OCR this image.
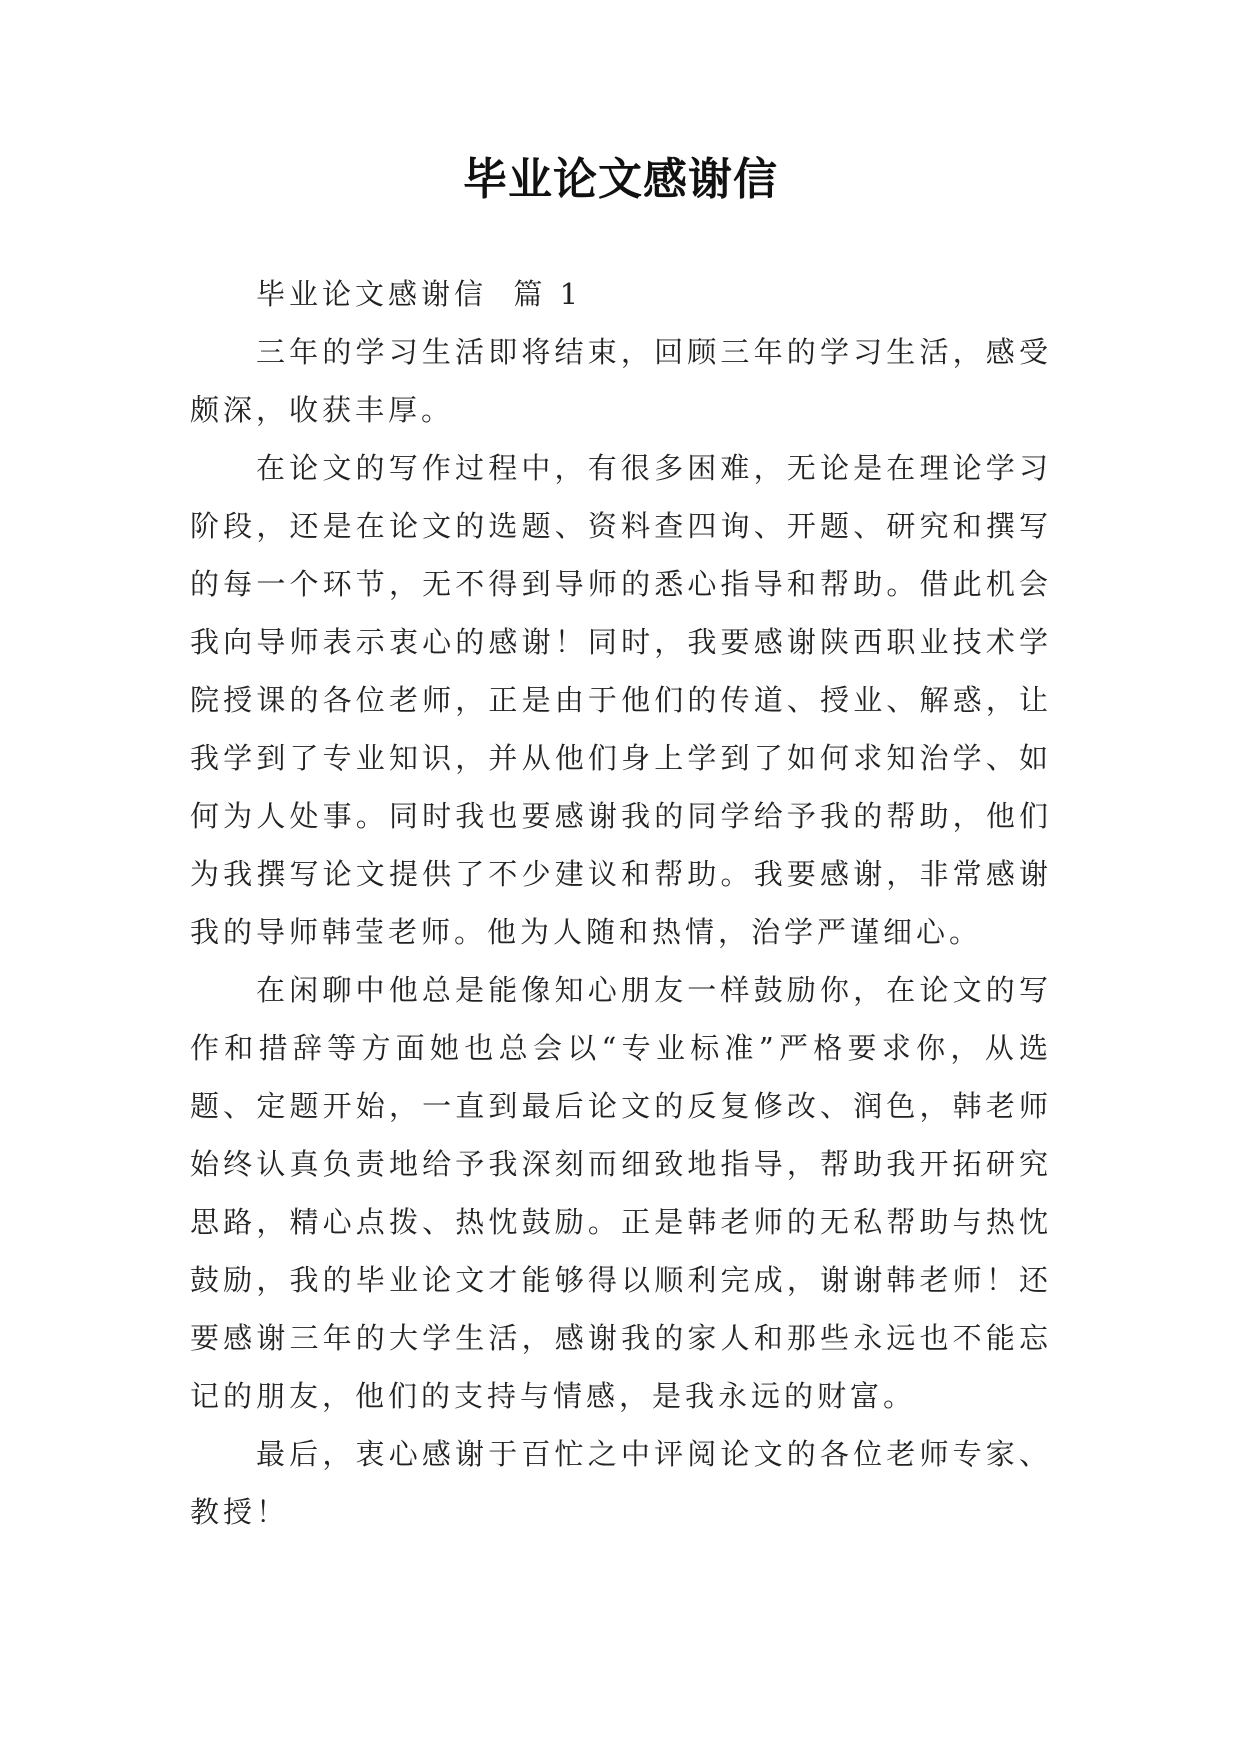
毕业论文感谢信

毕业论文感谢信  篇 1

三年的学习生活即将结束，回顾三年的学习生活，感受颇深，收获丰厚。

在论文的写作过程中，有很多困难，无论是在理论学习阶段，还是在论文的选题、资料查四询、开题、研究和撰写的每一个环节，无不得到导师的悉心指导和帮助。借此机会我向导师表示衷心的感谢！同时，我要感谢陕西职业技术学院授课的各位老师，正是由于他们的传道、授业、解惑，让我学到了专业知识，并从他们身上学到了如何求知治学、如何为人处事。同时我也要感谢我的同学给予我的帮助，他们为我撰写论文提供了不少建议和帮助。我要感谢，非常感谢我的导师韩莹老师。他为人随和热情，治学严谨细心。

在闲聊中他总是能像知心朋友一样鼓励你，在论文的写作和措辞等方面她也总会以“专业标准”严格要求你，从选题、定题开始，一直到最后论文的反复修改、润色，韩老师始终认真负责地给予我深刻而细致地指导，帮助我开拓研究思路，精心点拨、热忱鼓励。正是韩老师的无私帮助与热忱鼓励，我的毕业论文才能够得以顺利完成，谢谢韩老师！还要感谢三年的大学生活，感谢我的家人和那些永远也不能忘记的朋友，他们的支持与情感，是我永远的财富。

最后，衷心感谢于百忙之中评阅论文的各位老师专家、教授！
